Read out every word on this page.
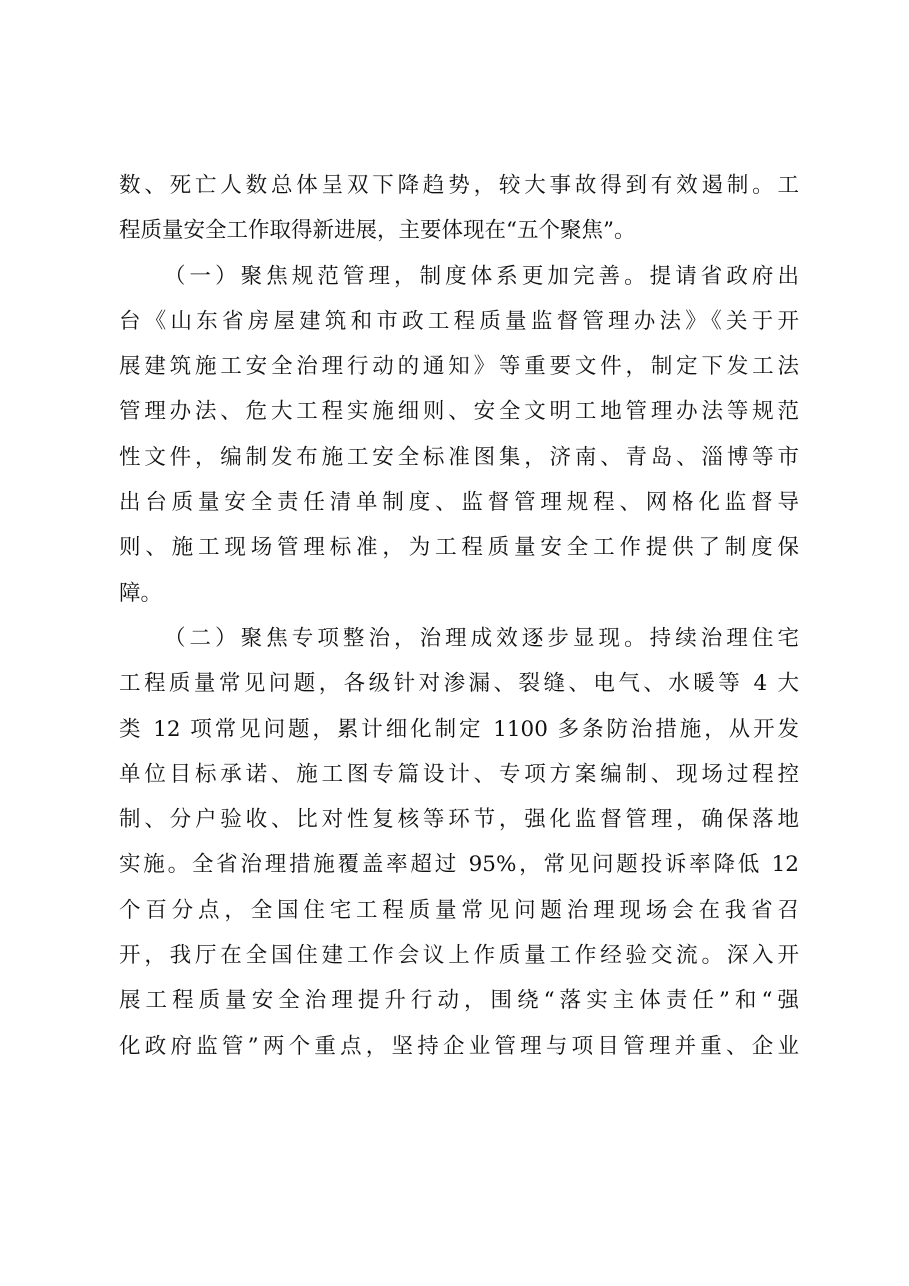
数、死亡人数总体呈双下降趋势，较大事故得到有效遏制。工
程质量安全工作取得新进展，主要体现在“五个聚焦”。
（一）聚焦规范管理，制度体系更加完善。提请省政府出
台《山东省房屋建筑和市政工程质量监督管理办法》《关于开
展建筑施工安全治理行动的通知》等重要文件，制定下发工法
管理办法、危大工程实施细则、安全文明工地管理办法等规范
性文件，编制发布施工安全标准图集，济南、青岛、淄博等市
出台质量安全责任清单制度、监督管理规程、网格化监督导
则、施工现场管理标准，为工程质量安全工作提供了制度保
障。
（二）聚焦专项整治，治理成效逐步显现。持续治理住宅
工程质量常见问题，各级针对渗漏、裂缝、电气、水暖等 4 大
类 12 项常见问题，累计细化制定 1100 多条防治措施，从开发
单位目标承诺、施工图专篇设计、专项方案编制、现场过程控
制、分户验收、比对性复核等环节，强化监督管理，确保落地
实施。全省治理措施覆盖率超过 95%，常见问题投诉率降低 12
个百分点，全国住宅工程质量常见问题治理现场会在我省召
开，我厅在全国住建工作会议上作质量工作经验交流。深入开
展工程质量安全治理提升行动，围绕“落实主体责任”和“强
化政府监管”两个重点，坚持企业管理与项目管理并重、企业
